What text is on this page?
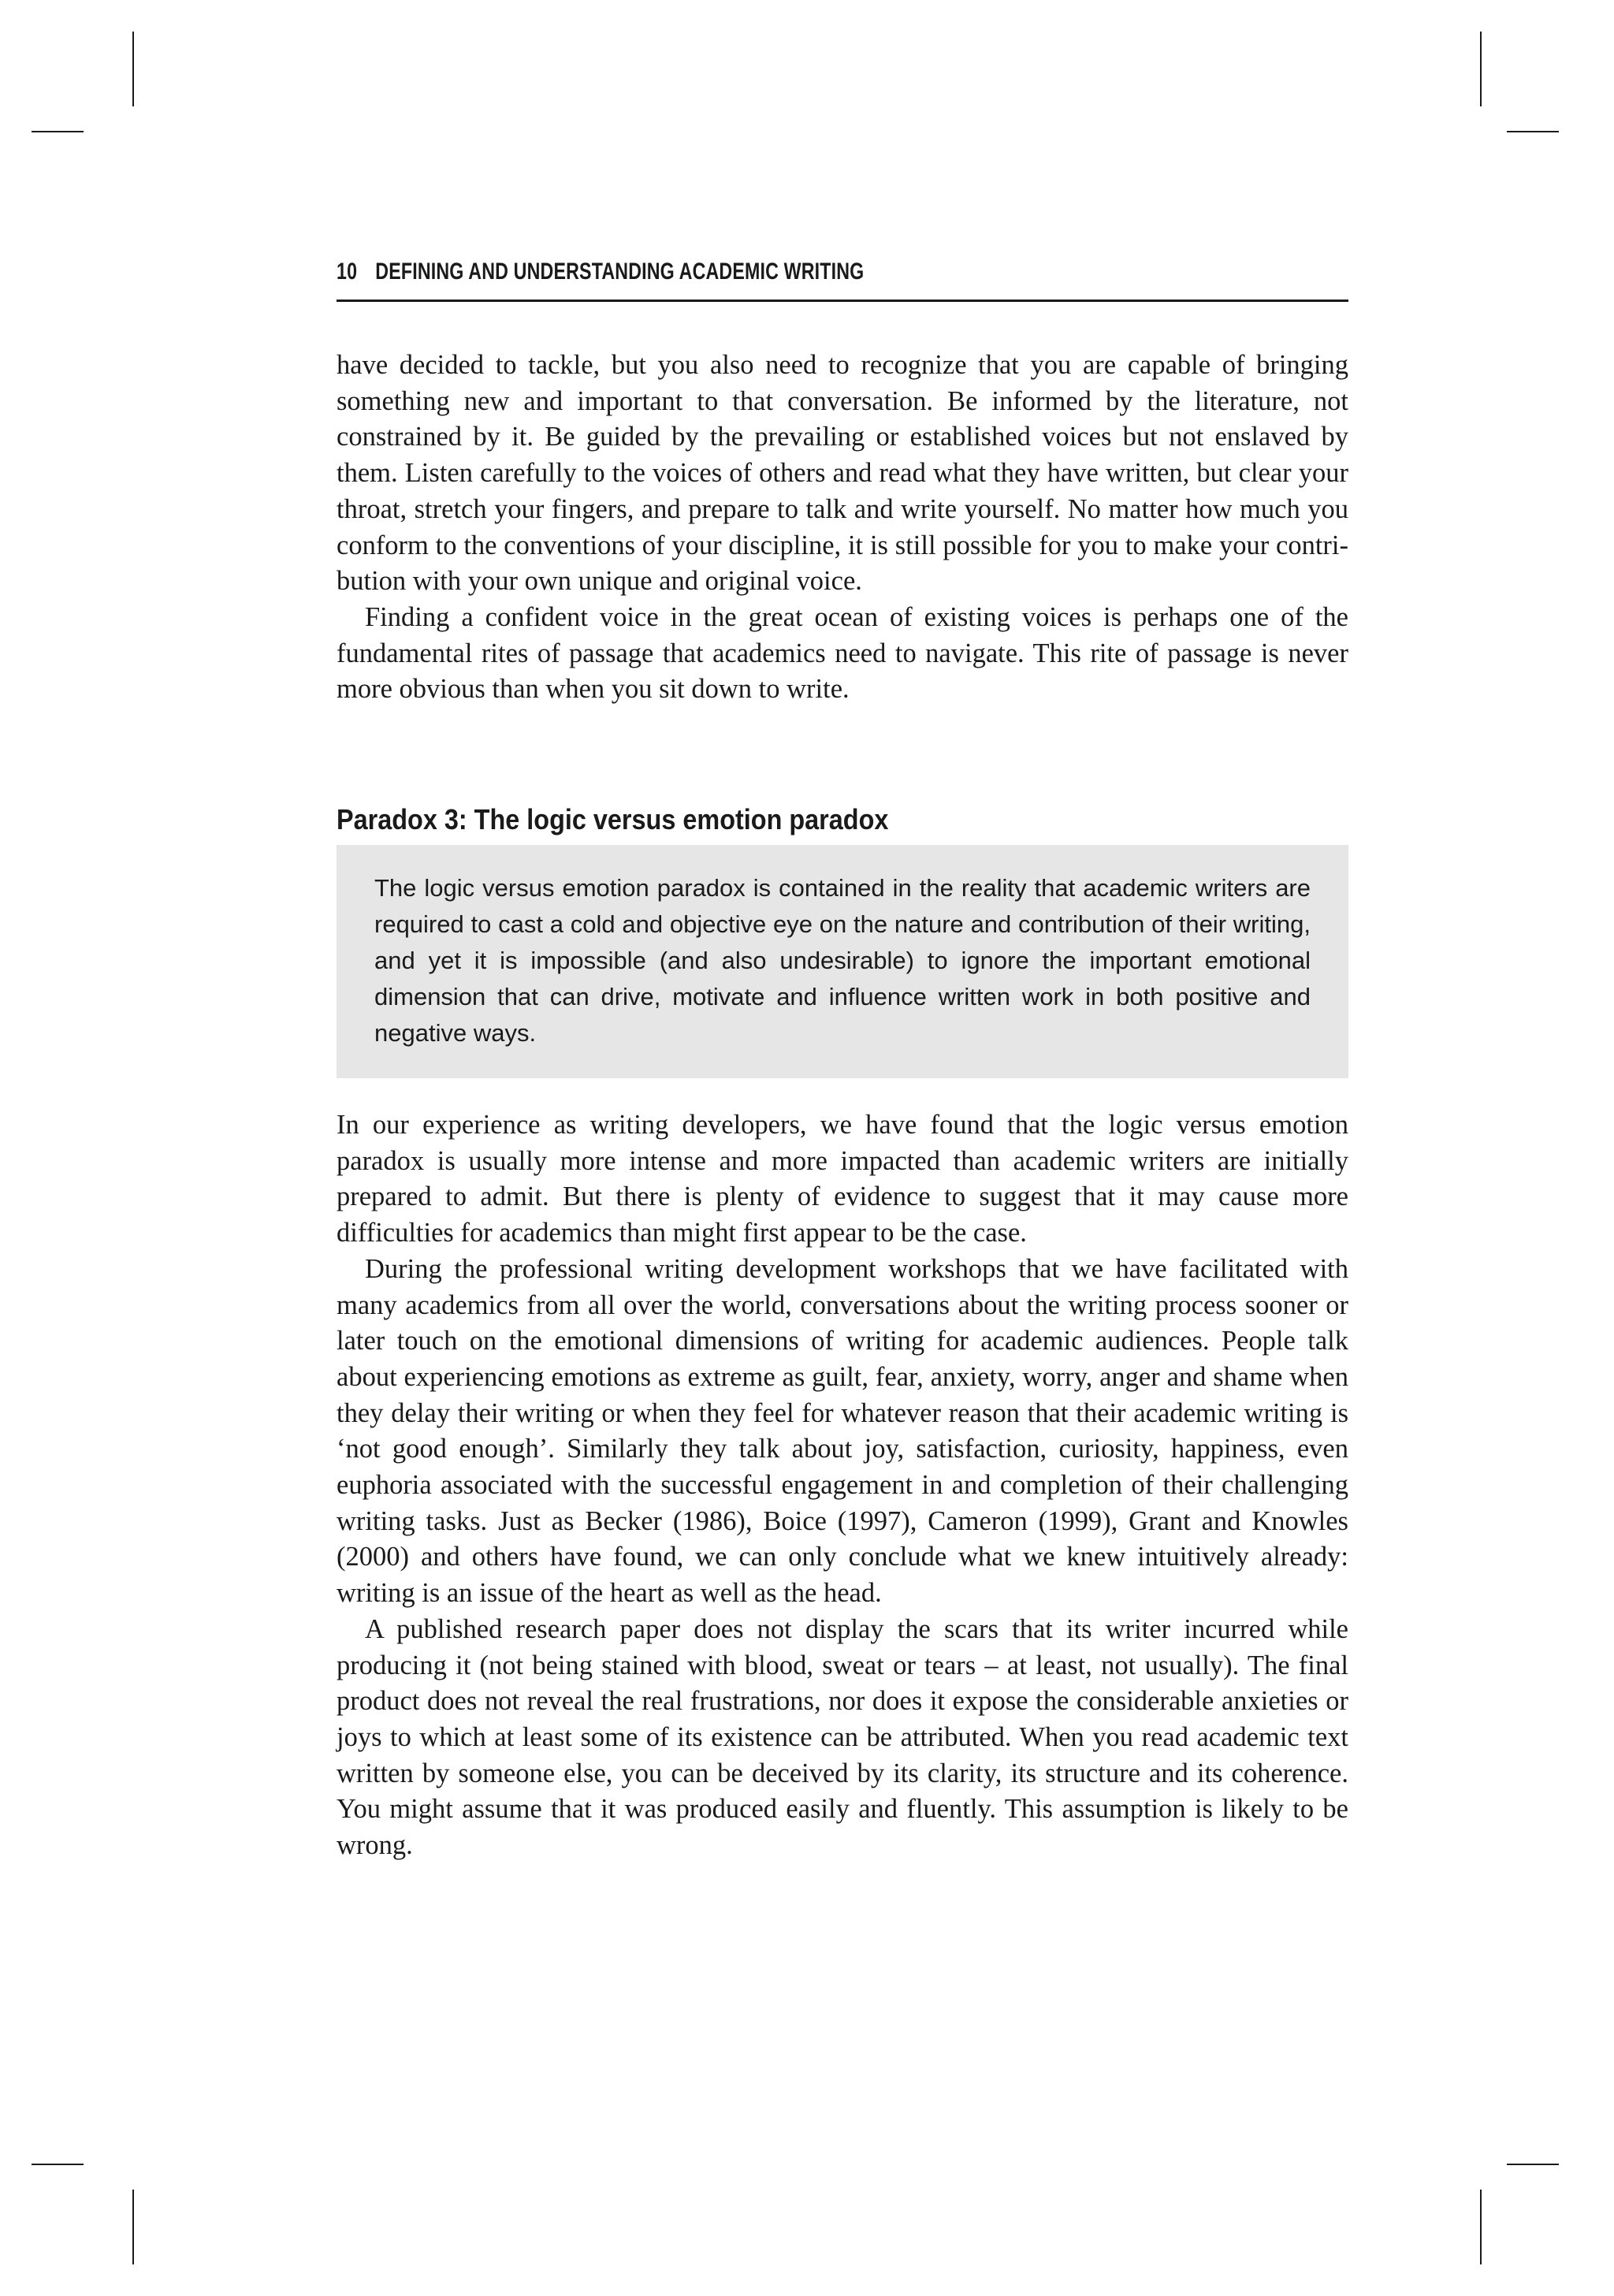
10 DEFINING AND UNDERSTANDING ACADEMIC WRITING

have decided to tackle, but you also need to recognize that you are capable of bringing something new and important to that conversation. Be informed by the literature, not constrained by it. Be guided by the prevailing or established voices but not enslaved by them. Listen carefully to the voices of others and read what they have written, but clear your throat, stretch your fingers, and prepare to talk and write yourself. No matter how much you conform to the conventions of your discipline, it is still possible for you to make your contribution with your own unique and original voice.

Finding a confident voice in the great ocean of existing voices is perhaps one of the fundamental rites of passage that academics need to navigate. This rite of passage is never more obvious than when you sit down to write.

Paradox 3: The logic versus emotion paradox

The logic versus emotion paradox is contained in the reality that academic writers are required to cast a cold and objective eye on the nature and contribution of their writing, and yet it is impossible (and also undesirable) to ignore the important emotional dimension that can drive, motivate and influence written work in both positive and negative ways.

In our experience as writing developers, we have found that the logic versus emotion paradox is usually more intense and more impacted than academic writers are initially prepared to admit. But there is plenty of evidence to suggest that it may cause more difficulties for academics than might first appear to be the case.

During the professional writing development workshops that we have facilitated with many academics from all over the world, conversations about the writing process sooner or later touch on the emotional dimensions of writing for academic audiences. People talk about experiencing emotions as extreme as guilt, fear, anxiety, worry, anger and shame when they delay their writing or when they feel for whatever reason that their academic writing is ‘not good enough’. Similarly they talk about joy, satisfaction, curiosity, happiness, even euphoria associated with the successful engagement in and completion of their challenging writing tasks. Just as Becker (1986), Boice (1997), Cameron (1999), Grant and Knowles (2000) and others have found, we can only conclude what we knew intuitively already: writing is an issue of the heart as well as the head.

A published research paper does not display the scars that its writer incurred while producing it (not being stained with blood, sweat or tears – at least, not usually). The final product does not reveal the real frustrations, nor does it expose the considerable anxieties or joys to which at least some of its existence can be attributed. When you read academic text written by someone else, you can be deceived by its clarity, its structure and its coherence. You might assume that it was produced easily and fluently. This assumption is likely to be wrong.
